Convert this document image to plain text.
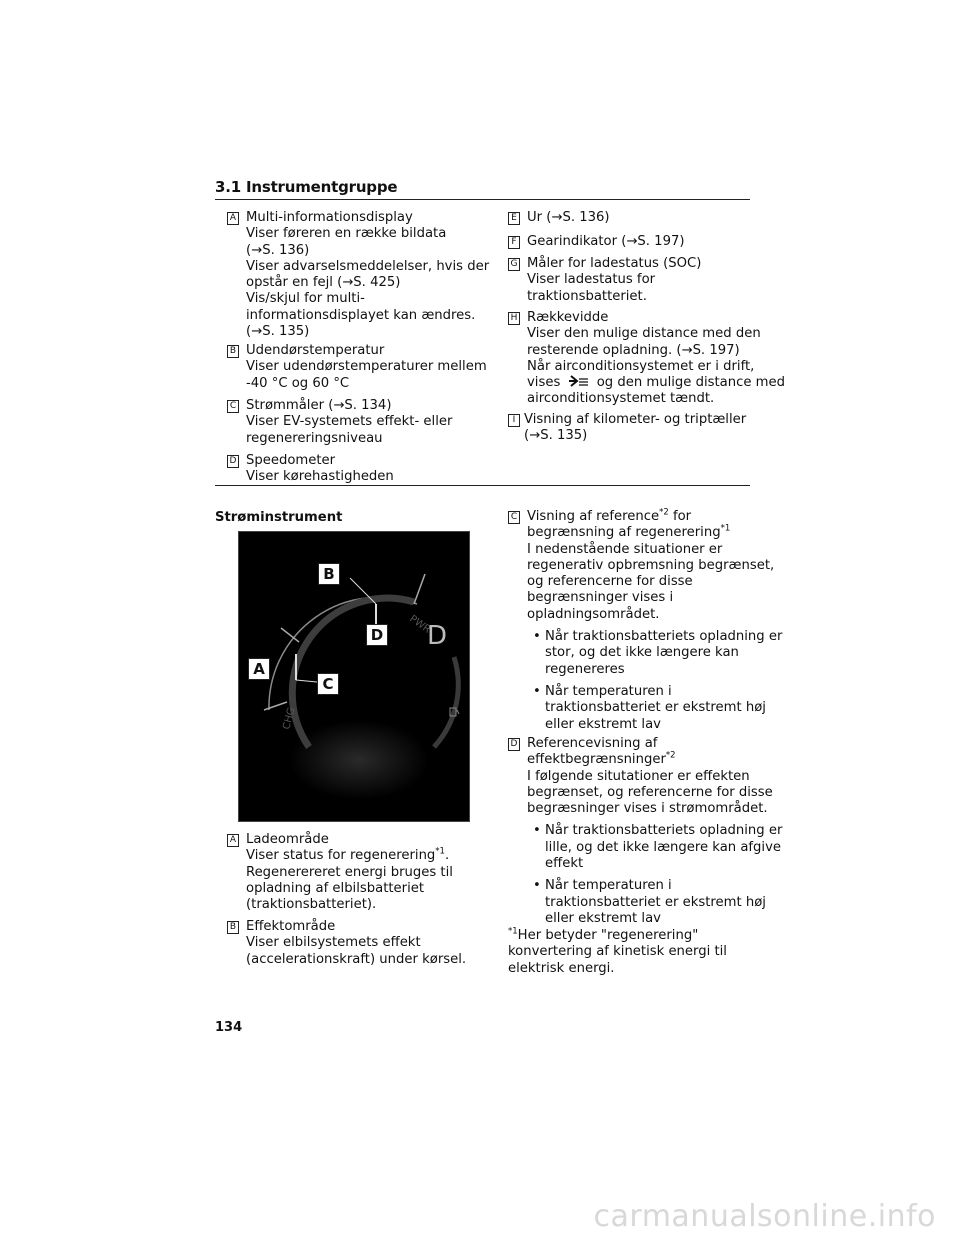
3.1 Instrumentgruppe
A Multi-informationsdisplay
Viser føreren en række bildata
(→S. 136)
Viser advarselsmeddelelser, hvis der
opstår en fejl (→S. 425)
Vis/skjul for multi-
informationsdisplayet kan ændres.
(→S. 135)
B Udendørstemperatur
Viser udendørstemperaturer mellem
-40 °C og 60 °C
C Strømmåler (→S. 134)
Viser EV-systemets effekt- eller
regenereringsniveau
D Speedometer
Viser kørehastigheden
E Ur (→S. 136)
F Gearindikator (→S. 197)
G Måler for ladestatus (SOC)
Viser ladestatus for
traktionsbatteriet.
H Rækkevidde
Viser den mulige distance med den
resterende opladning. (→S. 197)
Når airconditionsystemet er i drift,
vises	og den mulige distance med
airconditionsystemet tændt.
I Visning af kilometer- og triptæller
(→S. 135)
Strøminstrument
PWR
CHG
D
B
D
A
C
A Ladeområde
Viser status for regenerering$^{*1}$.
Regenerereret energi bruges til
opladning af elbilsbatteriet
(traktionsbatteriet).
B Effektområde
Viser elbilsystemets effekt
(accelerationskraft) under kørsel.
C Visning af reference$^{*2}$ for
begrænsning af regenerering$^{*1}$
I nedenstående situationer er
regenerativ opbremsning begrænset,
og referencerne for disse
begrænsninger vises i
opladningsområdet.
• Når traktionsbatteriets opladning er
stor, og det ikke længere kan
regenereres
• Når temperaturen i
traktionsbatteriet er ekstremt høj
eller ekstremt lav
D Referencevisning af
effektbegrænsninger$^{*2}$
I følgende situtationer er effekten
begrænset, og referencerne for disse
begræsninger vises i strømområdet.
• Når traktionsbatteriets opladning er
lille, og det ikke længere kan afgive
effekt
• Når temperaturen i
traktionsbatteriet er ekstremt høj
eller ekstremt lav
$^{*1}$Her betyder "regenerering"
konvertering af kinetisk energi til
elektrisk energi.
134
carmanualsonline.info
